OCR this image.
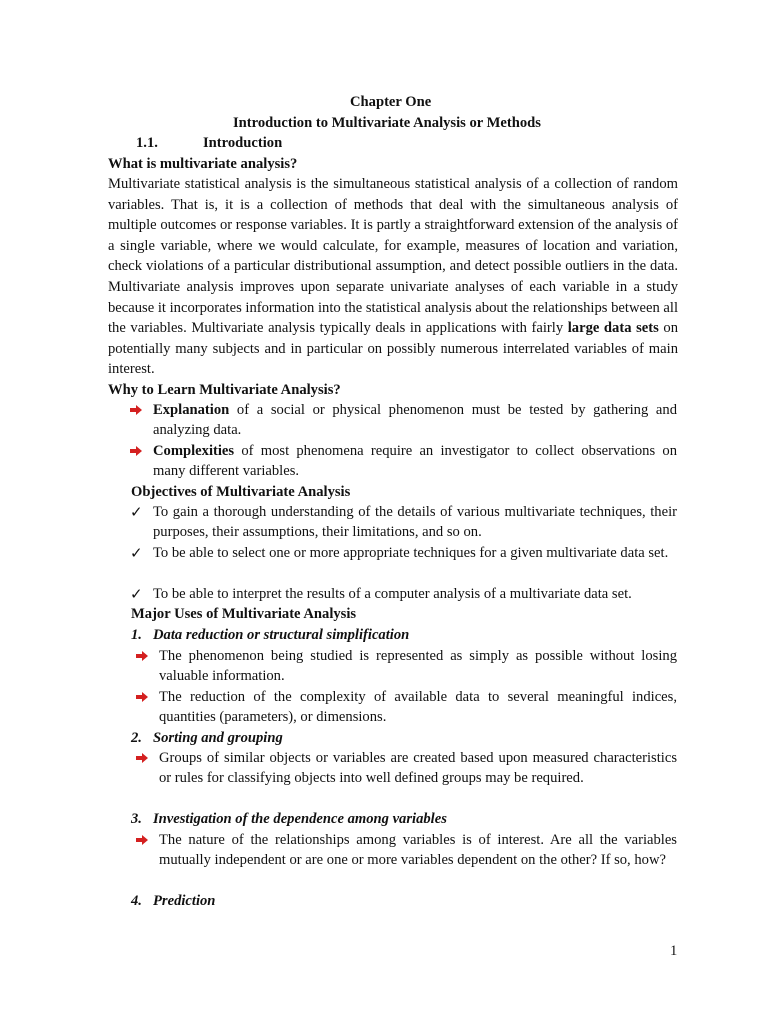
Chapter One
Introduction to Multivariate Analysis or Methods
1.1.	Introduction
What is multivariate analysis?

Multivariate statistical analysis is the simultaneous statistical analysis of a collection of random variables. That is, it is a collection of methods that deal with the simultaneous analysis of multiple outcomes or response variables. It is partly a straightforward extension of the analysis of a single variable, where we would calculate, for example, measures of location and variation, check violations of a particular distributional assumption, and detect possible outliers in the data. Multivariate analysis improves upon separate univariate analyses of each variable in a study because it incorporates information into the statistical analysis about the relationships between all the variables. Multivariate analysis typically deals in applications with fairly large data sets on potentially many subjects and in particular on possibly numerous interrelated variables of main interest.

Why to Learn Multivariate Analysis?

Explanation of a social or physical phenomenon must be tested by gathering and analyzing data.

Complexities of most phenomena require an investigator to collect observations on many different variables.

Objectives of Multivariate Analysis
✓ To gain a thorough understanding of the details of various multivariate techniques, their purposes, their assumptions, their limitations, and so on.

✓ To be able to select one or more appropriate techniques for a given multivariate data set.

✓ To be able to interpret the results of a computer analysis of a multivariate data set.

Major Uses of Multivariate Analysis
1. Data reduction or structural simplification

The phenomenon being studied is represented as simply as possible without losing valuable information.

The reduction of the complexity of available data to several meaningful indices, quantities (parameters), or dimensions.

2. Sorting and grouping

Groups of similar objects or variables are created based upon measured characteristics or rules for classifying objects into well defined groups may be required.

3. Investigation of the dependence among variables

The nature of the relationships among variables is of interest. Are all the variables mutually independent or are one or more variables dependent on the other? If so, how?

4. Prediction
1
